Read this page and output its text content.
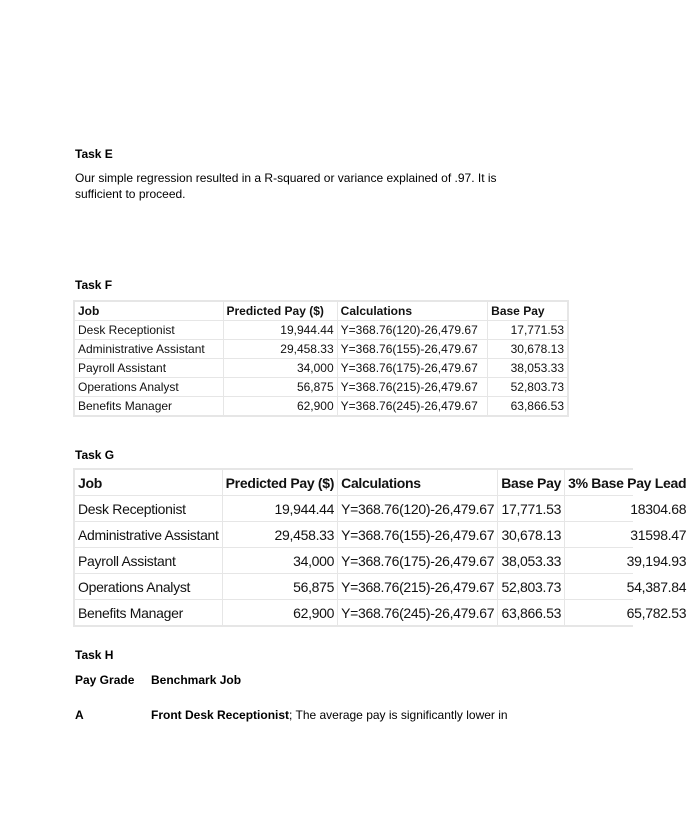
Task E
Our simple regression resulted in a R-squared or variance explained of .97. It is sufficient to proceed.
Task F
Job	Predicted Pay ($)	Calculations	Base Pay
Desk Receptionist	19,944.44	Y=368.76(120)-26,479.67	17,771.53
Administrative Assistant	29,458.33	Y=368.76(155)-26,479.67	30,678.13
Payroll Assistant	34,000	Y=368.76(175)-26,479.67	38,053.33
Operations Analyst	56,875	Y=368.76(215)-26,479.67	52,803.73
Benefits Manager	62,900	Y=368.76(245)-26,479.67	63,866.53
Task G
Job	Predicted Pay ($)	Calculations	Base Pay	3% Base Pay Lead
Desk Receptionist	19,944.44	Y=368.76(120)-26,479.67	17,771.53	18304.68
Administrative Assistant	29,458.33	Y=368.76(155)-26,479.67	30,678.13	31598.47
Payroll Assistant	34,000	Y=368.76(175)-26,479.67	38,053.33	39,194.93
Operations Analyst	56,875	Y=368.76(215)-26,479.67	52,803.73	54,387.84
Benefits Manager	62,900	Y=368.76(245)-26,479.67	63,866.53	65,782.53
Task H
Pay Grade Benchmark Job
A	Front Desk Receptionist; The average pay is significantly lower in
